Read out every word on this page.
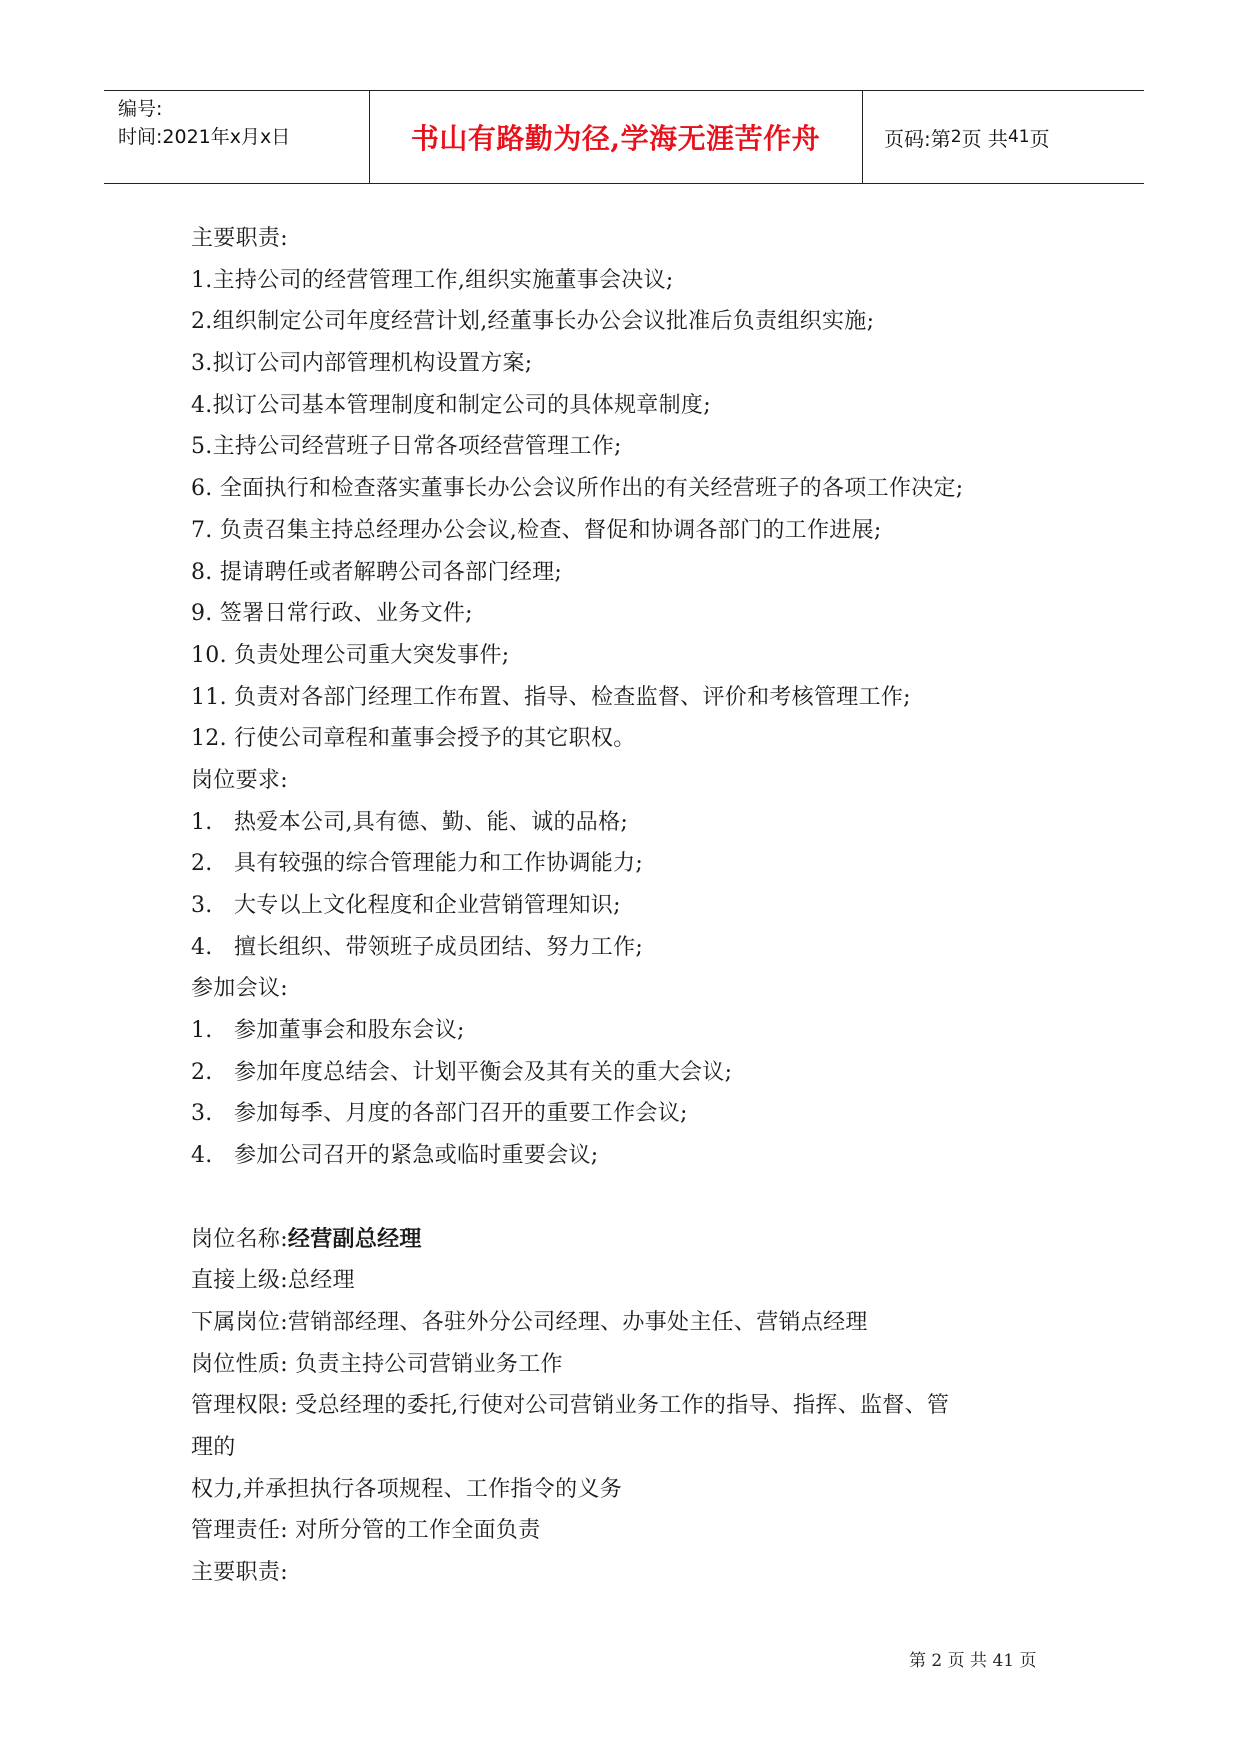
编号:
时间:2021年x月x日	书山有路勤为径,学海无涯苦作舟	页码:第 2 页 共 41 页
主要职责:
1.主持公司的经营管理工作,组织实施董事会决议;
2.组织制定公司年度经营计划,经董事长办公会议批准后负责组织实施;
3.拟订公司内部管理机构设置方案;
4.拟订公司基本管理制度和制定公司的具体规章制度;
5.主持公司经营班子日常各项经营管理工作;
6. 全面执行和检查落实董事长办公会议所作出的有关经营班子的各项工作决定;
7. 负责召集主持总经理办公会议,检查、督促和协调各部门的工作进展;
8. 提请聘任或者解聘公司各部门经理;
9. 签署日常行政、业务文件;
10. 负责处理公司重大突发事件;
11. 负责对各部门经理工作布置、指导、检查监督、评价和考核管理工作;
12. 行使公司章程和董事会授予的其它职权。
岗位要求:
1. 热爱本公司,具有德、勤、能、诚的品格;
2. 具有较强的综合管理能力和工作协调能力;
3. 大专以上文化程度和企业营销管理知识;
4. 擅长组织、带领班子成员团结、努力工作;
参加会议:
1. 参加董事会和股东会议;
2. 参加年度总结会、计划平衡会及其有关的重大会议;
3. 参加每季、月度的各部门召开的重要工作会议;
4. 参加公司召开的紧急或临时重要会议;
岗位名称:经营副总经理
直接上级:总经理
下属岗位:营销部经理、各驻外分公司经理、办事处主任、营销点经理
岗位性质: 负责主持公司营销业务工作
管理权限: 受总经理的委托,行使对公司营销业务工作的指导、指挥、监督、管
理的
权力,并承担执行各项规程、工作指令的义务
管理责任: 对所分管的工作全面负责
主要职责:
第 2 页 共 41 页
